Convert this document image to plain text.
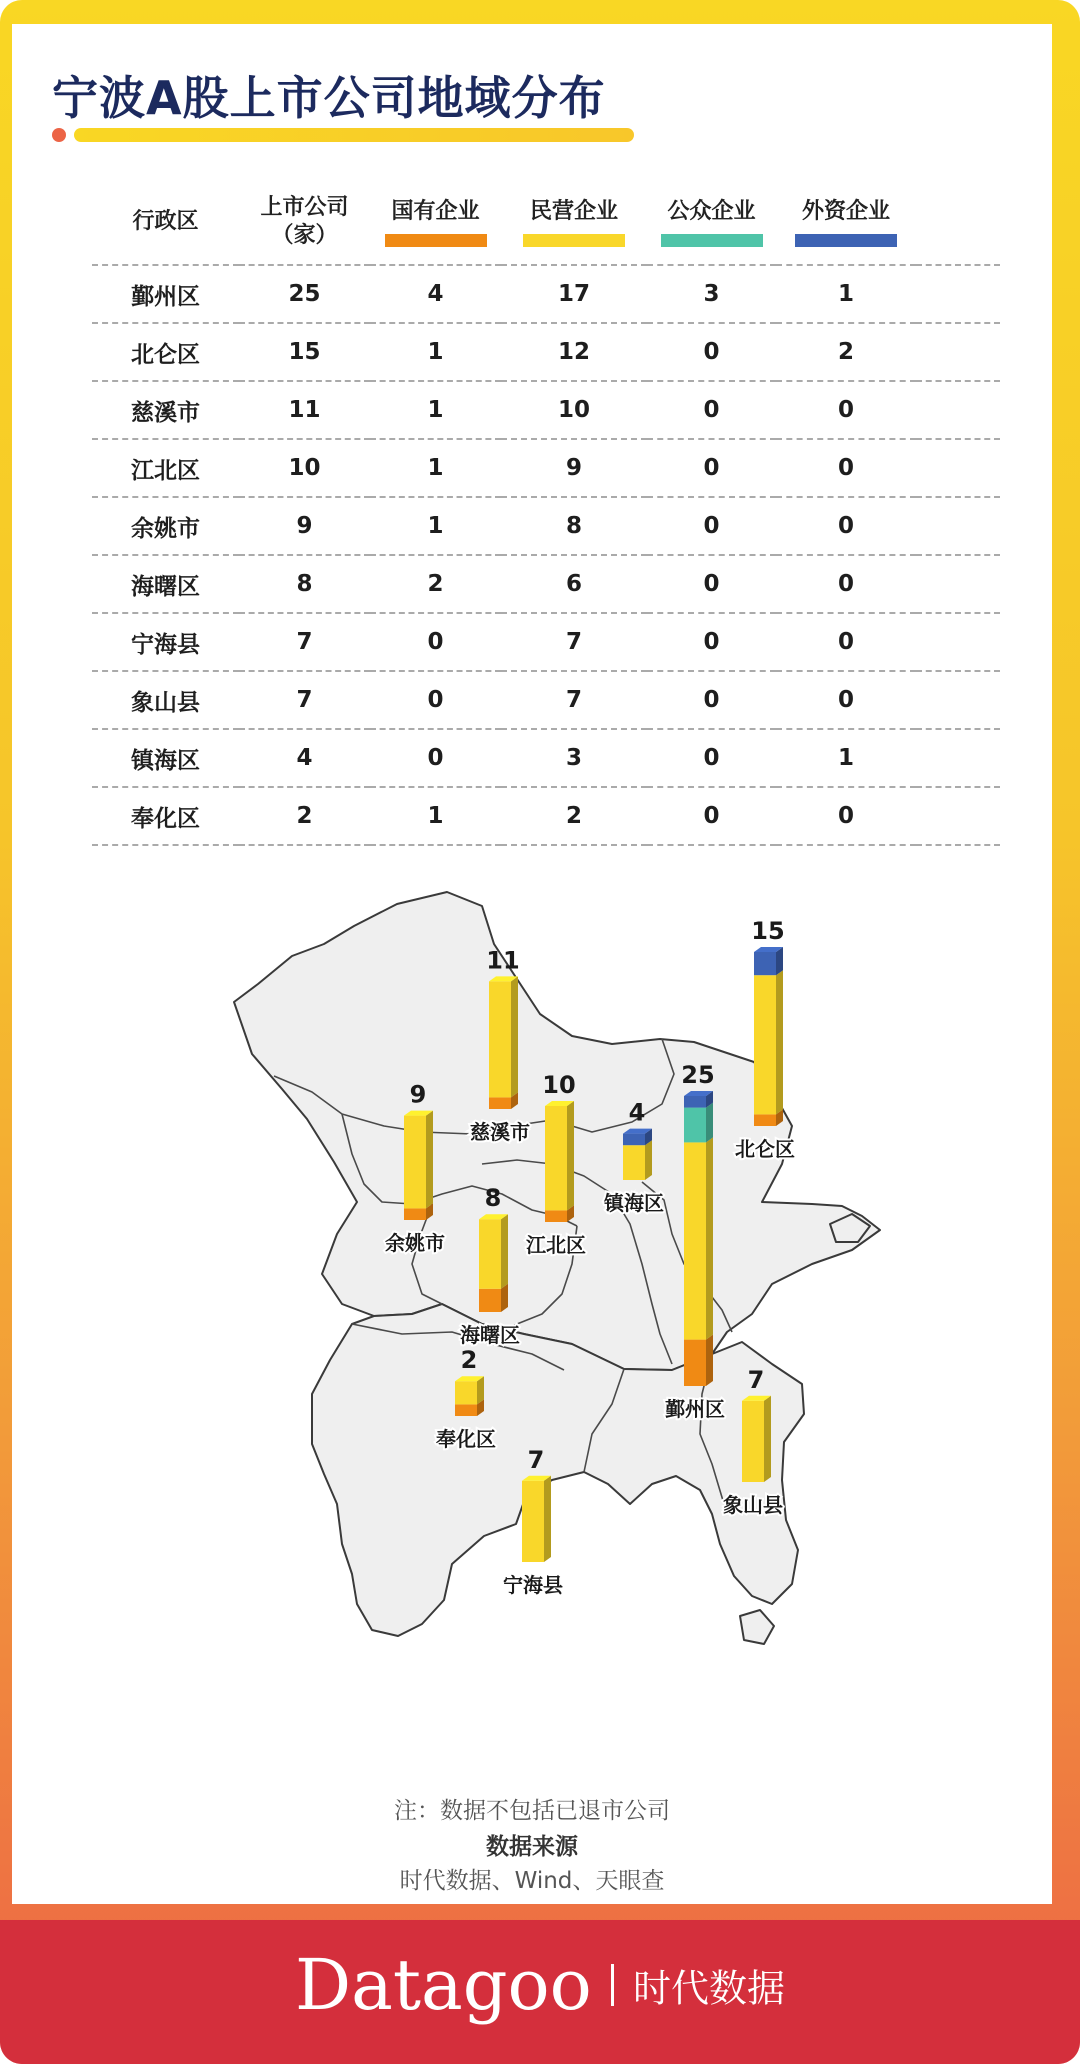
宁波A股上市公司地域分布
行政区	上市公司
（家）	国有企业	民营企业	公众企业	外资企业	

鄞州区	25	4	17	3	1	
北仑区	15	1	12	0	2	
慈溪市	11	1	10	0	0	
江北区	10	1	9	0	0	
余姚市	9	1	8	0	0	
海曙区	8	2	6	0	0	
宁海县	7	0	7	0	0	
象山县	7	0	7	0	0	
镇海区	4	0	3	0	1	
奉化区	2	1	2	0	0	
25
鄞州区
15
北仑区
11
慈溪市
10
江北区
9
余姚市
8
海曙区
7
宁海县
7
象山县
4
镇海区
2
奉化区
注：数据不包括已退市公司
数据来源
时代数据、Wind、天眼查
Datagoo 时代数据
